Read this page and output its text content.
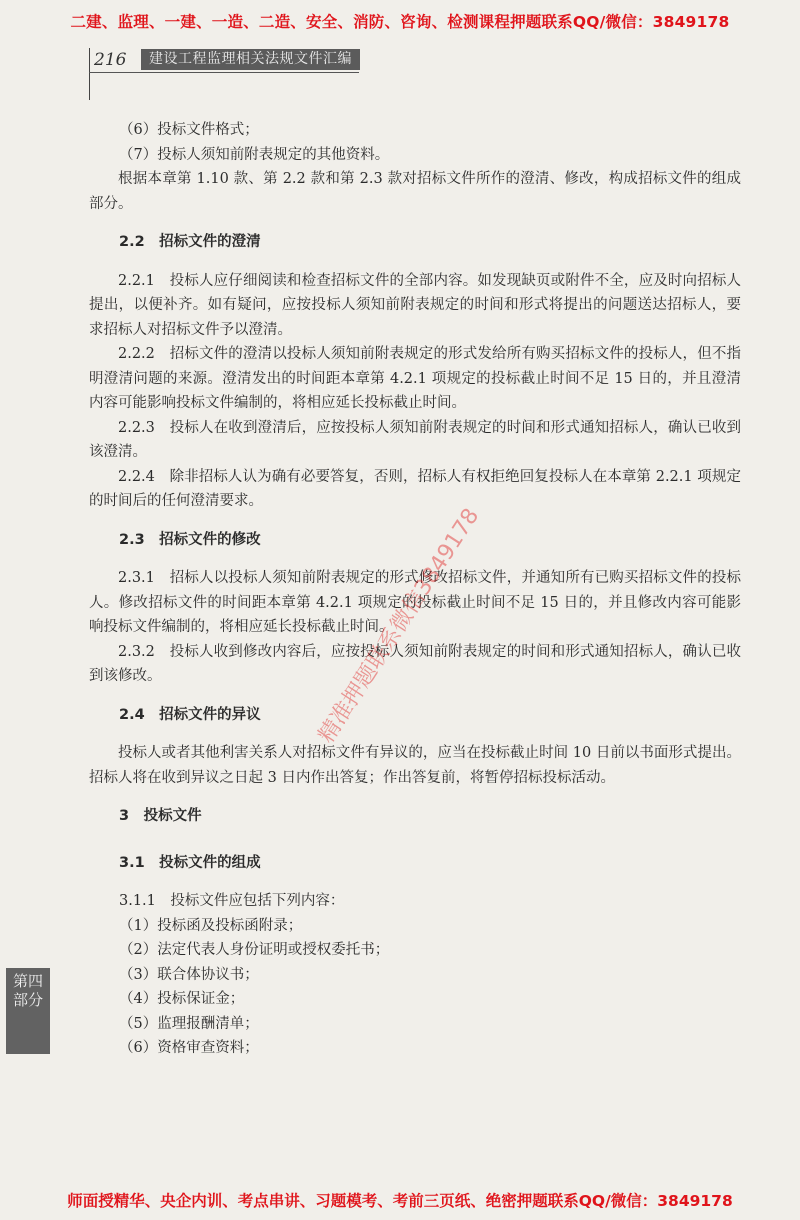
二建、监理、一建、一造、二造、安全、消防、咨询、检测课程押题联系QQ/微信：3849178
216	建设工程监理相关法规文件汇编

（6）投标文件格式；

（7）投标人须知前附表规定的其他资料。

根据本章第 1.10 款、第 2.2 款和第 2.3 款对招标文件所作的澄清、修改，构成招标文件的组成部分。

2.2　招标文件的澄清

2.2.1　投标人应仔细阅读和检查招标文件的全部内容。如发现缺页或附件不全，应及时向招标人提出，以便补齐。如有疑问，应按投标人须知前附表规定的时间和形式将提出的问题送达招标人，要求招标人对招标文件予以澄清。

2.2.2　招标文件的澄清以投标人须知前附表规定的形式发给所有购买招标文件的投标人，但不指明澄清问题的来源。澄清发出的时间距本章第 4.2.1 项规定的投标截止时间不足 15 日的，并且澄清内容可能影响投标文件编制的，将相应延长投标截止时间。

2.2.3　投标人在收到澄清后，应按投标人须知前附表规定的时间和形式通知招标人，确认已收到该澄清。

2.2.4　除非招标人认为确有必要答复，否则，招标人有权拒绝回复投标人在本章第 2.2.1 项规定的时间后的任何澄清要求。

2.3　招标文件的修改

2.3.1　招标人以投标人须知前附表规定的形式修改招标文件，并通知所有已购买招标文件的投标人。修改招标文件的时间距本章第 4.2.1 项规定的投标截止时间不足 15 日的，并且修改内容可能影响投标文件编制的，将相应延长投标截止时间。

2.3.2　投标人收到修改内容后，应按投标人须知前附表规定的时间和形式通知招标人，确认已收到该修改。

2.4　招标文件的异议

投标人或者其他利害关系人对招标文件有异议的，应当在投标截止时间 10 日前以书面形式提出。招标人将在收到异议之日起 3 日内作出答复；作出答复前，将暂停招标投标活动。

3　投标文件
3.1　投标文件的组成

3.1.1　投标文件应包括下列内容：

（1）投标函及投标函附录；

（2）法定代表人身份证明或授权委托书；

（3）联合体协议书；

（4）投标保证金；

（5）监理报酬清单；

（6）资格审查资料；

精准押题联系微信3849178
第四部分
师面授精华、央企内训、考点串讲、习题模考、考前三页纸、绝密押题联系QQ/微信：3849178
